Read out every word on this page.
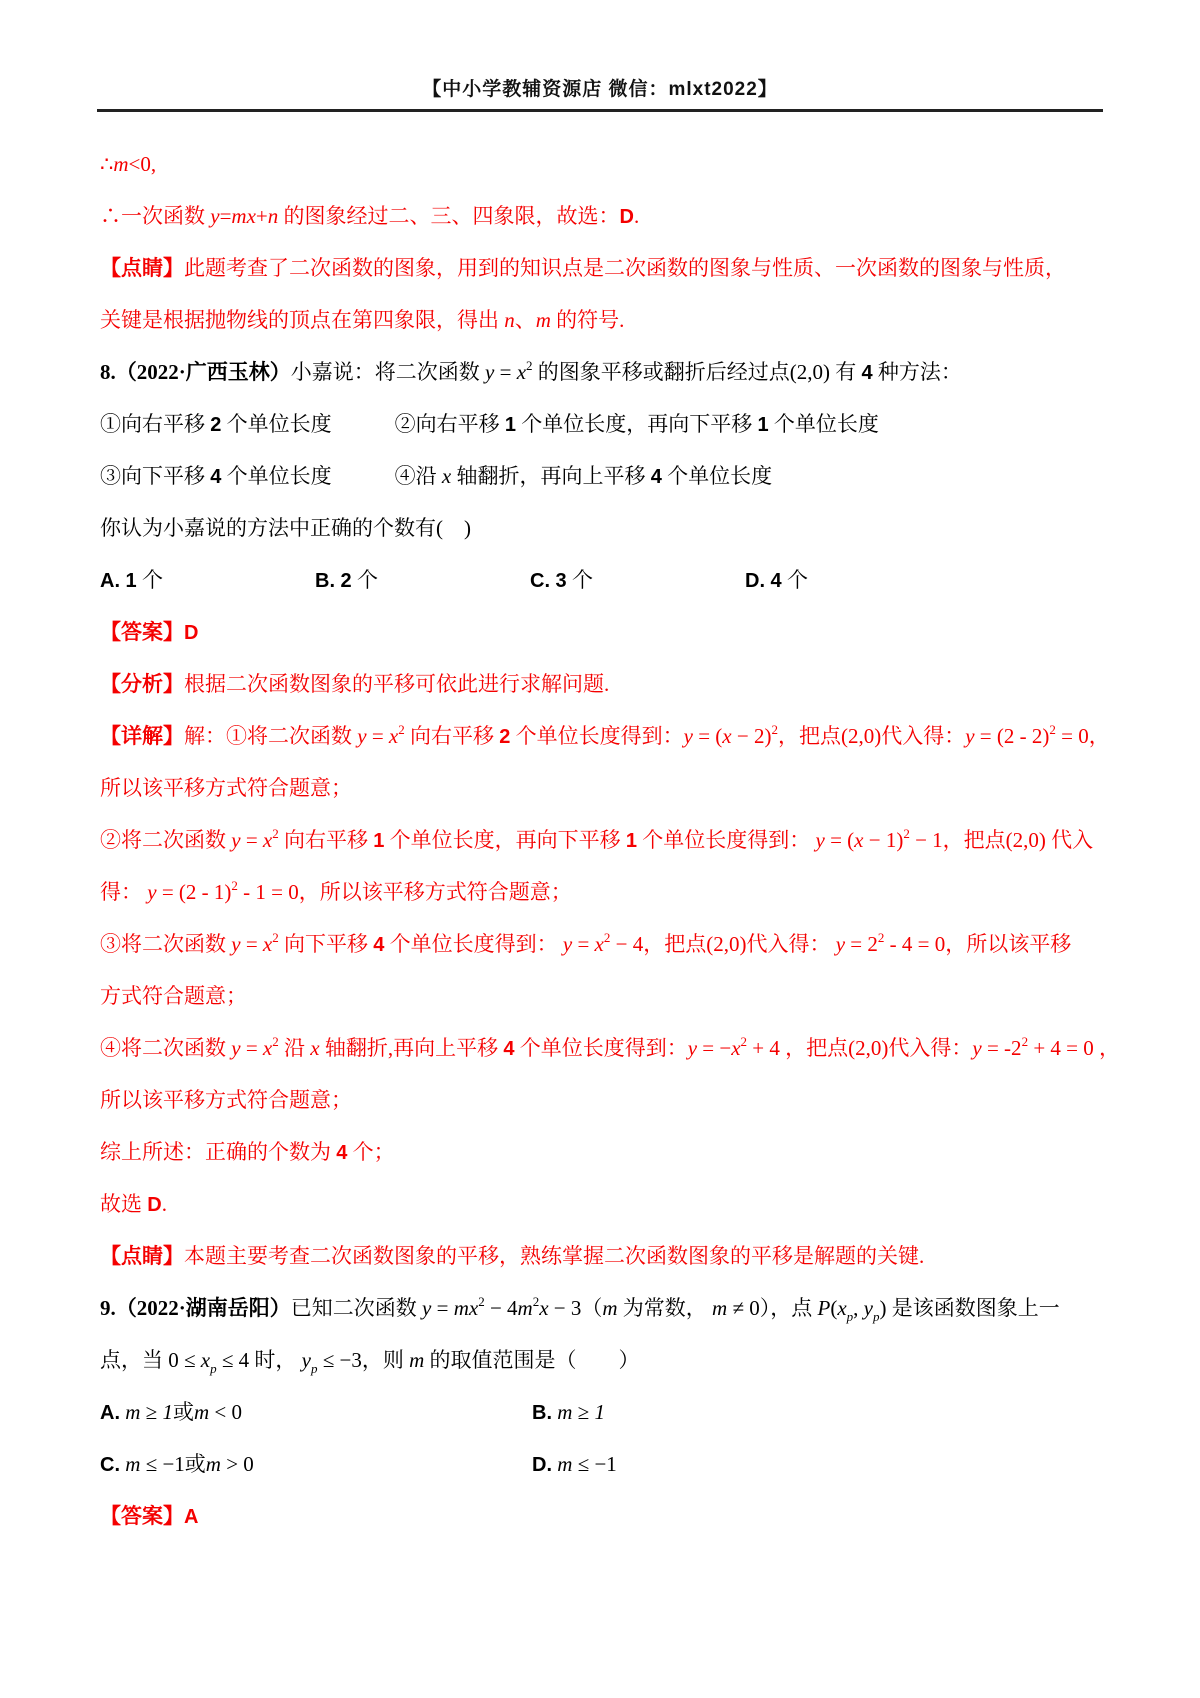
【中小学教辅资源店 微信：mlxt2022】
∴m<0,
∴一次函数 y=mx+n 的图象经过二、三、四象限，故选：D.
【点睛】此题考查了二次函数的图象，用到的知识点是二次函数的图象与性质、一次函数的图象与性质，
关键是根据抛物线的顶点在第四象限，得出 n、m 的符号.
8.（2022·广西玉林）小嘉说：将二次函数 $y = x^2$ 的图象平移或翻折后经过点(2,0) 有 4 种方法：
①向右平移 2 个单位长度　　　	②向右平移 1 个单位长度，再向下平移 1 个单位长度
③向下平移 4 个单位长度　　　	④沿 x 轴翻折，再向上平移 4 个单位长度
你认为小嘉说的方法中正确的个数有(　)
A. 1 个	B. 2 个	C. 3 个	D. 4 个
【答案】D
【分析】根据二次函数图象的平移可依此进行求解问题.
【详解】解：①将二次函数 $y = x^2$ 向右平移 2 个单位长度得到：$y = (x - 2)^2$，把点(2,0)代入得：y = (2 - 2)$^2$ = 0，
所以该平移方式符合题意；
②将二次函数 $y = x^2$ 向右平移 1 个单位长度，再向下平移 1 个单位长度得到： $y = (x - 1)^2 - 1$，把点(2,0) 代入
得： y = (2 - 1)$^2$ - 1 = 0，所以该平移方式符合题意；
③将二次函数 $y = x^2$ 向下平移 4 个单位长度得到： $y = x^2 - 4$，把点(2,0)代入得： $y = 2^2 - 4 = 0$，所以该平移
方式符合题意；
④将二次函数 $y = x^2$ 沿 x 轴翻折,再向上平移 4 个单位长度得到：$y = -x^2 + 4$ ，把点(2,0)代入得：$y = -2^2 + 4 = 0$ ，
所以该平移方式符合题意；
综上所述：正确的个数为 4 个；
故选 D.
【点睛】本题主要考查二次函数图象的平移，熟练掌握二次函数图象的平移是解题的关键.
9.（2022·湖南岳阳）已知二次函数 $y = mx^2 - 4m^2x - 3(m$ 为常数， m ≠ 0），点 $P(x_p$, $y_p$) 是该函数图象上一
点，当 $0 \le x_p \le 4$ 时， $y_p \le -3$，则 m 的取值范围是（　　）
A. m ≥ 1或m < 0	B. m ≥ 1
C. m ≤ −1或m > 0	D. m ≤ −1
【答案】A
